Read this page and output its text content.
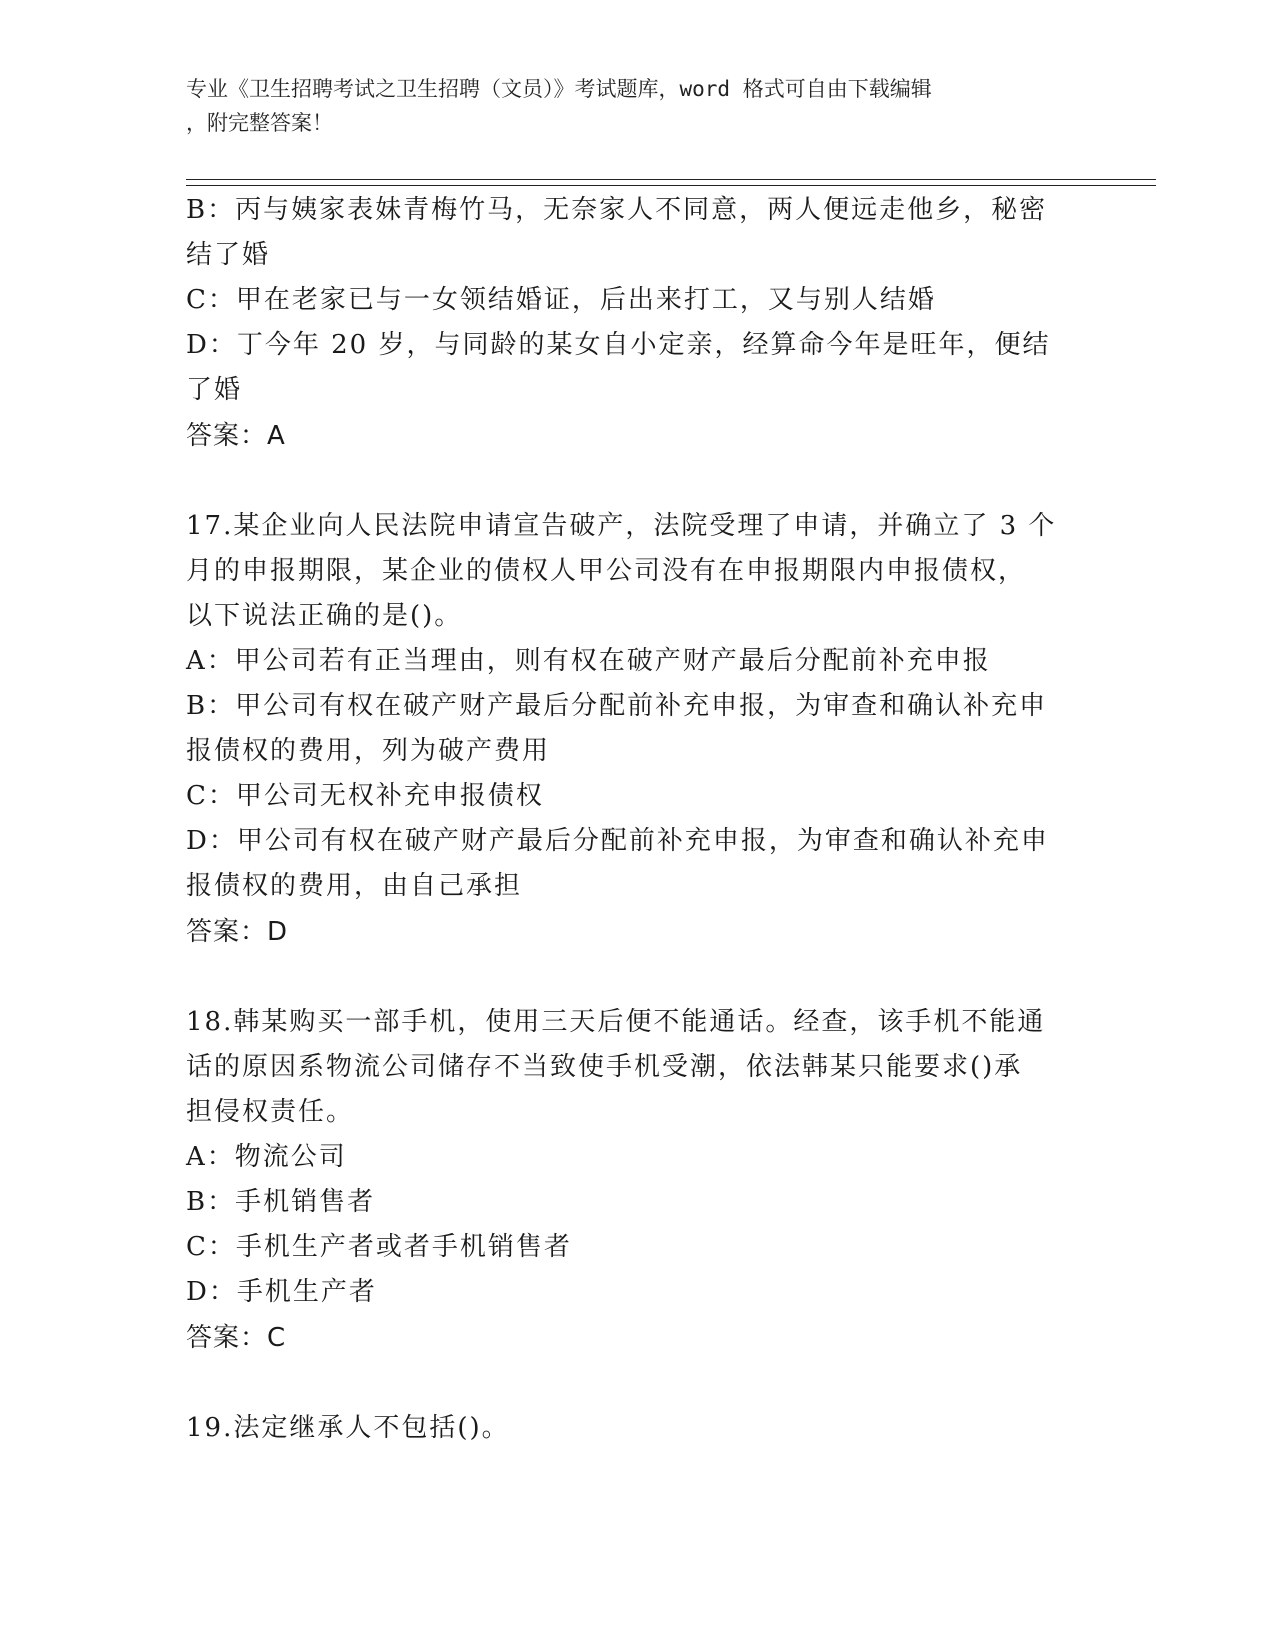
专业《卫生招聘考试之卫生招聘（文员）》考试题库，word 格式可自由下载编辑
，附完整答案！
B：丙与姨家表妹青梅竹马，无奈家人不同意，两人便远走他乡，秘密
结了婚
C：甲在老家已与一女领结婚证，后出来打工，又与别人结婚
D：丁今年 20 岁，与同龄的某女自小定亲，经算命今年是旺年，便结
了婚
答案：A
17.某企业向人民法院申请宣告破产，法院受理了申请，并确立了 3 个
月的申报期限，某企业的债权人甲公司没有在申报期限内申报债权，
以下说法正确的是()。
A：甲公司若有正当理由，则有权在破产财产最后分配前补充申报
B：甲公司有权在破产财产最后分配前补充申报，为审查和确认补充申
报债权的费用，列为破产费用
C：甲公司无权补充申报债权
D：甲公司有权在破产财产最后分配前补充申报，为审查和确认补充申
报债权的费用，由自己承担
答案：D
18.韩某购买一部手机，使用三天后便不能通话。经查，该手机不能通
话的原因系物流公司储存不当致使手机受潮，依法韩某只能要求()承
担侵权责任。
A：物流公司
B：手机销售者
C：手机生产者或者手机销售者
D：手机生产者
答案：C
19.法定继承人不包括()。
